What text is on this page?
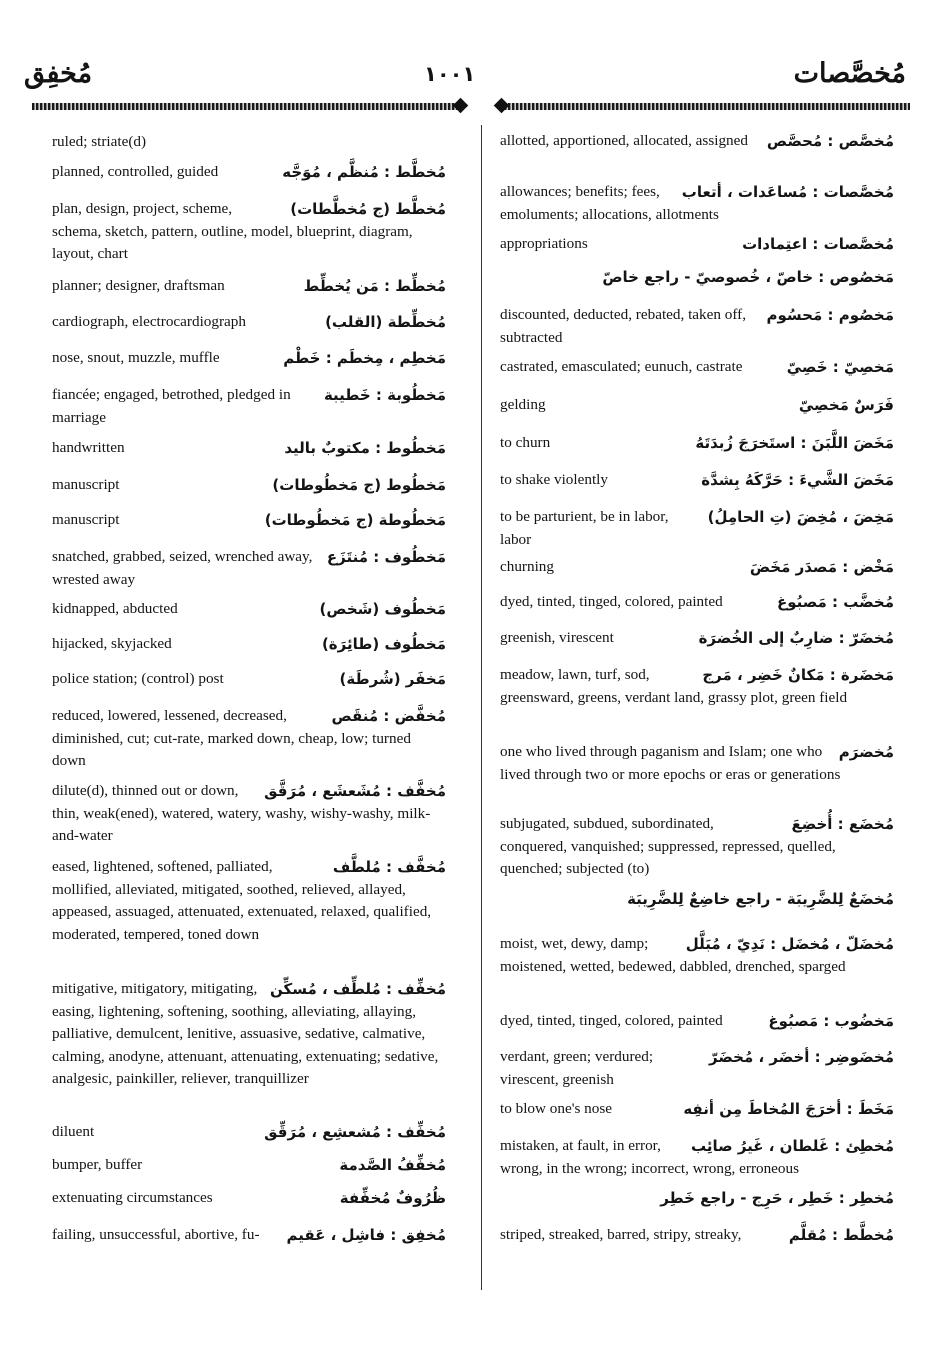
مُخفِق	١٠٠١	مُخصَّصات
ruled; striate(d)
مُخطَّط : مُنظَّم ، مُوَجَّه
planned, controlled, guided
مُخطَّط (ج مُخطَّطات)
plan, design, project, scheme, schema, sketch, pattern, outline, model, blueprint, diagram, layout, chart
مُخطِّط : مَن يُخطِّط
planner; designer, draftsman
مُخطِّطة (القلب)
cardiograph, electrocardiograph
مَخطِم ، مِخطَم : خَطْم
nose, snout, muzzle, muffle
مَخطُوبة : خَطيبة
fiancée; engaged, betrothed, pledged in marriage
مَخطُوط : مكتوبٌ باليد
handwritten
مَخطُوط (ج مَخطُوطات)
manuscript
مَخطُوطة (ج مَخطُوطات)
manuscript
مَخطُوف : مُنتَزَع
snatched, grabbed, seized, wrenched away, wrested away
مَخطُوف (شَخص)
kidnapped, abducted
مَخطُوف (طائِرَة)
hijacked, skyjacked
مَخفَر (شُرطَة)
police station; (control) post
مُخفَّض : مُنقَص
reduced, lowered, lessened, decreased, diminished, cut; cut-rate, marked down, cheap, low; turned down
مُخفَّف : مُشَعشَع ، مُرَقَّق
dilute(d), thinned out or down, thin, weak(ened), watered, watery, washy, wishy-washy, milk-and-water
مُخفَّف : مُلطَّف
eased, lightened, softened, palliated, mollified, alleviated, mitigated, soothed, relieved, allayed, appeased, assuaged, attenuated, extenuated, relaxed, qualified, moderated, tempered, toned down
مُخفِّف : مُلطِّف ، مُسكِّن
mitigative, mitigatory, mitigating, easing, lightening, softening, soothing, alleviating, allaying, palliative, demulcent, lenitive, assuasive, sedative, calmative, calming, anodyne, attenuant, attenuating, extenuating; sedative, analgesic, painkiller, reliever, tranquillizer
مُخفِّف : مُشعشِع ، مُرَقِّق
diluent
مُخفِّفُ الصَّدمة
bumper, buffer
ظُرُوفٌ مُخفِّفة
extenuating circumstances
مُخفِق : فاشِل ، عَقيم
failing, unsuccessful, abortive, fu-
مُخصَّص : مُحصَّص
allotted, apportioned, allocated, assigned
مُخصَّصات : مُساعَدات ، أتعاب
allowances; benefits; fees, emoluments; allocations, allotments
مُخصَّصات : اعتِمادات
appropriations
مَخصُوص : خاصّ ، خُصوصيّ - راجع خاصّ
مَخصُوم : مَحسُوم
discounted, deducted, rebated, taken off, subtracted
مَخصِيّ : خَصِيّ
castrated, emasculated; eunuch, castrate
فَرَسٌ مَخصِيّ
gelding
مَخَضَ اللَّبَنَ : استَخرَجَ زُبدَتَهُ
to churn
مَخَضَ الشَّيءَ : حَرَّكَهُ بِشدَّة
to shake violently
مَخِضَ ، مُخِضَ (تِ الحامِلُ)
to be parturient, be in labor, labor
مَخْض : مَصدَر مَخَضَ
churning
مُخضَّب : مَصبُوغ
dyed, tinted, tinged, colored, painted
مُخضَرّ : ضارِبٌ إلى الخُضرَة
greenish, virescent
مَخضَرة : مَكانٌ خَضِر ، مَرج
meadow, lawn, turf, sod, greensward, greens, verdant land, grassy plot, green field
مُخضرَم
one who lived through paganism and Islam; one who lived through two or more epochs or eras or generations
مُخضَع : أُخضِعَ
subjugated, subdued, subordinated, conquered, vanquished; suppressed, repressed, quelled, quenched; subjected (to)
مُخضَعٌ لِلضَّرِيبَة - راجع خاضِعٌ لِلضَّرِيبَة
مُخضَلّ ، مُخضَل : نَدِيّ ، مُبَلَّل
moist, wet, dewy, damp; moistened, wetted, bedewed, dabbled, drenched, sparged
مَخضُوب : مَصبُوغ
dyed, tinted, tinged, colored, painted
مُخضَوضِر : أخضَر ، مُخضَرّ
verdant, green; verdured; virescent, greenish
مَخَطَ : أخرَجَ المُخاطَ مِن أنفِه
to blow one's nose
مُخطِئ : غَلطان ، غَيرُ صائِب
mistaken, at fault, in error, wrong, in the wrong; incorrect, wrong, erroneous
مُخطِر : خَطِر ، حَرِج - راجع خَطِر
مُخطَّط : مُقلَّم
striped, streaked, barred, stripy, streaky,
